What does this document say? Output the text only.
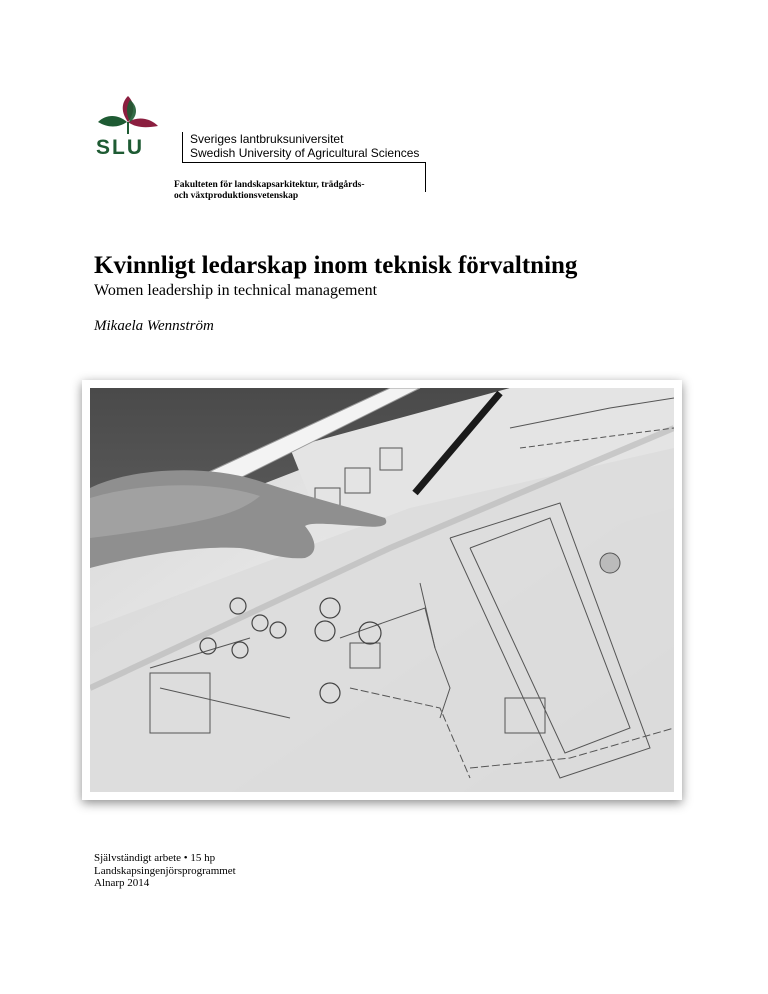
SLU	Sveriges lantbruksuniversitet
Swedish University of Agricultural Sciences
Fakulteten för landskapsarkitektur, trädgårds-
och växtproduktionsvetenskap
Kvinnligt ledarskap inom teknisk förvaltning
Women leadership in technical management
Mikaela Wennström
Självständigt arbete • 15 hp
Landskapsingenjörsprogrammet
Alnarp 2014
